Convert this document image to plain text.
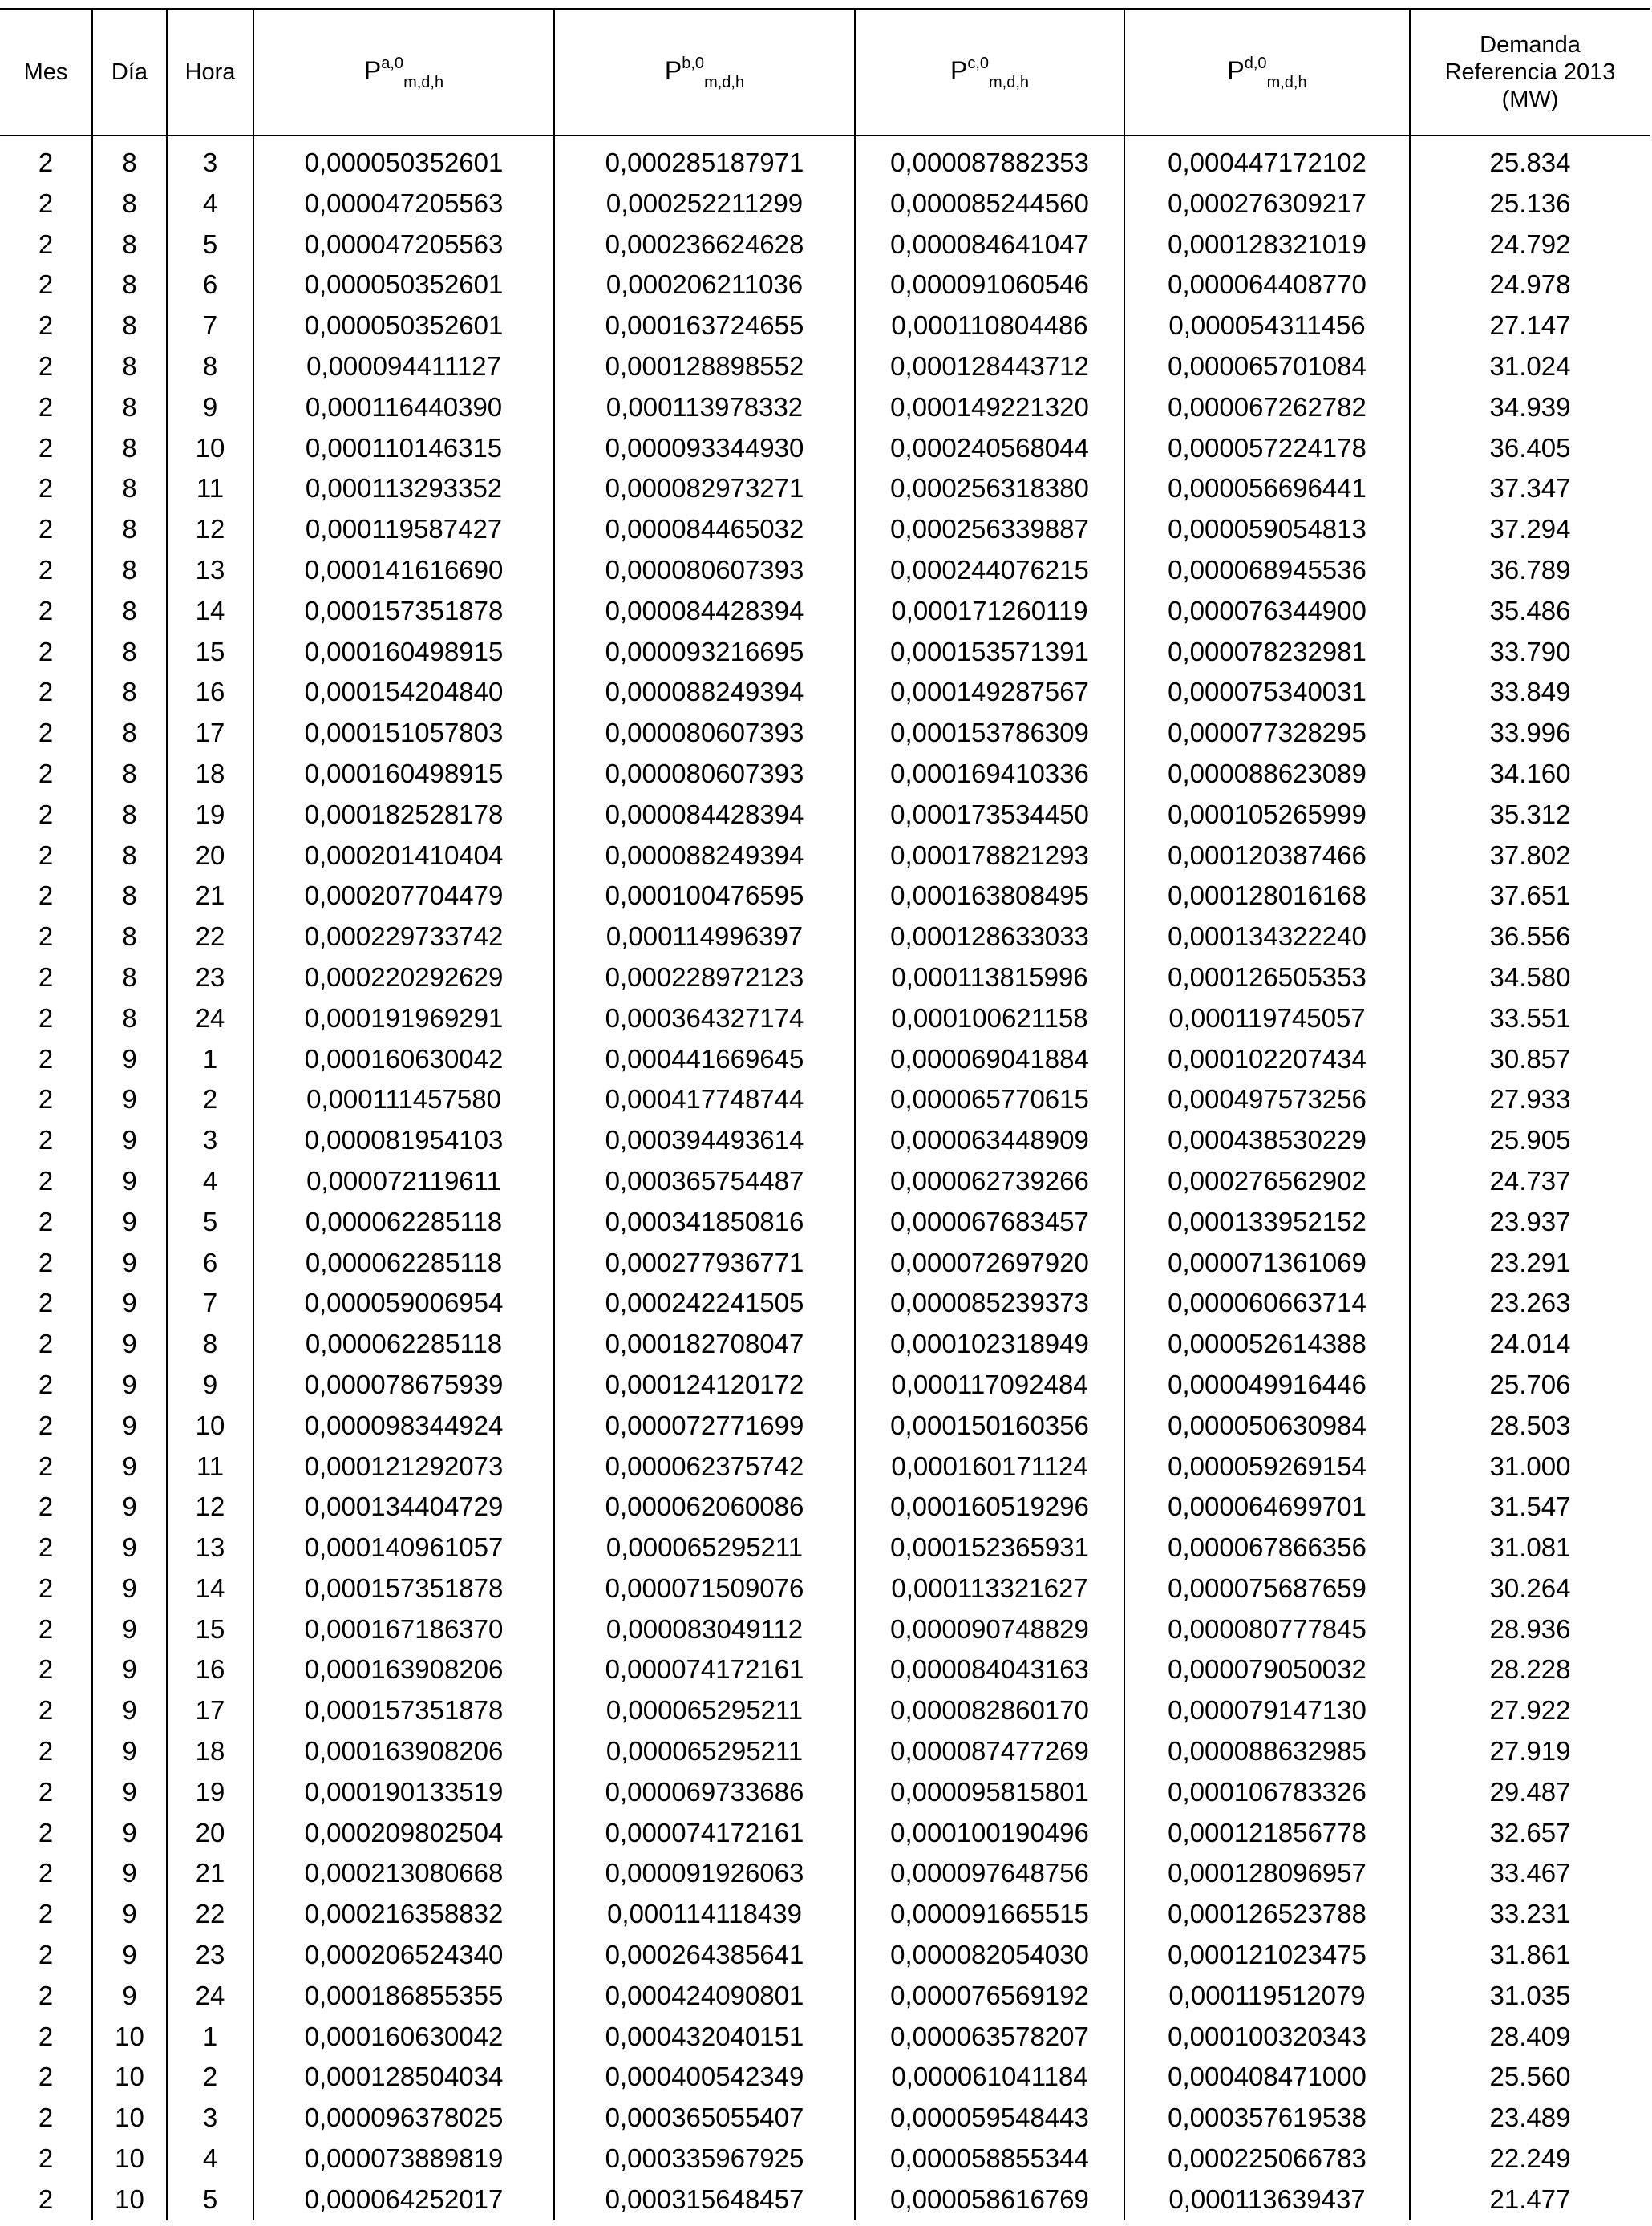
Mes	Día	Hora	P$^{a,0}_{m,d,h}$	P$^{b,0}_{m,d,h}$	P$^{c,0}_{m,d,h}$	P$^{d,0}_{m,d,h}$	Demanda
Referencia 2013
(MW)
2	8	3	0,000050352601	0,000285187971	0,000087882353	0,000447172102	25.834
2	8	4	0,000047205563	0,000252211299	0,000085244560	0,000276309217	25.136
2	8	5	0,000047205563	0,000236624628	0,000084641047	0,000128321019	24.792
2	8	6	0,000050352601	0,000206211036	0,000091060546	0,000064408770	24.978
2	8	7	0,000050352601	0,000163724655	0,000110804486	0,000054311456	27.147
2	8	8	0,000094411127	0,000128898552	0,000128443712	0,000065701084	31.024
2	8	9	0,000116440390	0,000113978332	0,000149221320	0,000067262782	34.939
2	8	10	0,000110146315	0,000093344930	0,000240568044	0,000057224178	36.405
2	8	11	0,000113293352	0,000082973271	0,000256318380	0,000056696441	37.347
2	8	12	0,000119587427	0,000084465032	0,000256339887	0,000059054813	37.294
2	8	13	0,000141616690	0,000080607393	0,000244076215	0,000068945536	36.789
2	8	14	0,000157351878	0,000084428394	0,000171260119	0,000076344900	35.486
2	8	15	0,000160498915	0,000093216695	0,000153571391	0,000078232981	33.790
2	8	16	0,000154204840	0,000088249394	0,000149287567	0,000075340031	33.849
2	8	17	0,000151057803	0,000080607393	0,000153786309	0,000077328295	33.996
2	8	18	0,000160498915	0,000080607393	0,000169410336	0,000088623089	34.160
2	8	19	0,000182528178	0,000084428394	0,000173534450	0,000105265999	35.312
2	8	20	0,000201410404	0,000088249394	0,000178821293	0,000120387466	37.802
2	8	21	0,000207704479	0,000100476595	0,000163808495	0,000128016168	37.651
2	8	22	0,000229733742	0,000114996397	0,000128633033	0,000134322240	36.556
2	8	23	0,000220292629	0,000228972123	0,000113815996	0,000126505353	34.580
2	8	24	0,000191969291	0,000364327174	0,000100621158	0,000119745057	33.551
2	9	1	0,000160630042	0,000441669645	0,000069041884	0,000102207434	30.857
2	9	2	0,000111457580	0,000417748744	0,000065770615	0,000497573256	27.933
2	9	3	0,000081954103	0,000394493614	0,000063448909	0,000438530229	25.905
2	9	4	0,000072119611	0,000365754487	0,000062739266	0,000276562902	24.737
2	9	5	0,000062285118	0,000341850816	0,000067683457	0,000133952152	23.937
2	9	6	0,000062285118	0,000277936771	0,000072697920	0,000071361069	23.291
2	9	7	0,000059006954	0,000242241505	0,000085239373	0,000060663714	23.263
2	9	8	0,000062285118	0,000182708047	0,000102318949	0,000052614388	24.014
2	9	9	0,000078675939	0,000124120172	0,000117092484	0,000049916446	25.706
2	9	10	0,000098344924	0,000072771699	0,000150160356	0,000050630984	28.503
2	9	11	0,000121292073	0,000062375742	0,000160171124	0,000059269154	31.000
2	9	12	0,000134404729	0,000062060086	0,000160519296	0,000064699701	31.547
2	9	13	0,000140961057	0,000065295211	0,000152365931	0,000067866356	31.081
2	9	14	0,000157351878	0,000071509076	0,000113321627	0,000075687659	30.264
2	9	15	0,000167186370	0,000083049112	0,000090748829	0,000080777845	28.936
2	9	16	0,000163908206	0,000074172161	0,000084043163	0,000079050032	28.228
2	9	17	0,000157351878	0,000065295211	0,000082860170	0,000079147130	27.922
2	9	18	0,000163908206	0,000065295211	0,000087477269	0,000088632985	27.919
2	9	19	0,000190133519	0,000069733686	0,000095815801	0,000106783326	29.487
2	9	20	0,000209802504	0,000074172161	0,000100190496	0,000121856778	32.657
2	9	21	0,000213080668	0,000091926063	0,000097648756	0,000128096957	33.467
2	9	22	0,000216358832	0,000114118439	0,000091665515	0,000126523788	33.231
2	9	23	0,000206524340	0,000264385641	0,000082054030	0,000121023475	31.861
2	9	24	0,000186855355	0,000424090801	0,000076569192	0,000119512079	31.035
2	10	1	0,000160630042	0,000432040151	0,000063578207	0,000100320343	28.409
2	10	2	0,000128504034	0,000400542349	0,000061041184	0,000408471000	25.560
2	10	3	0,000096378025	0,000365055407	0,000059548443	0,000357619538	23.489
2	10	4	0,000073889819	0,000335967925	0,000058855344	0,000225066783	22.249
2	10	5	0,000064252017	0,000315648457	0,000058616769	0,000113639437	21.477
